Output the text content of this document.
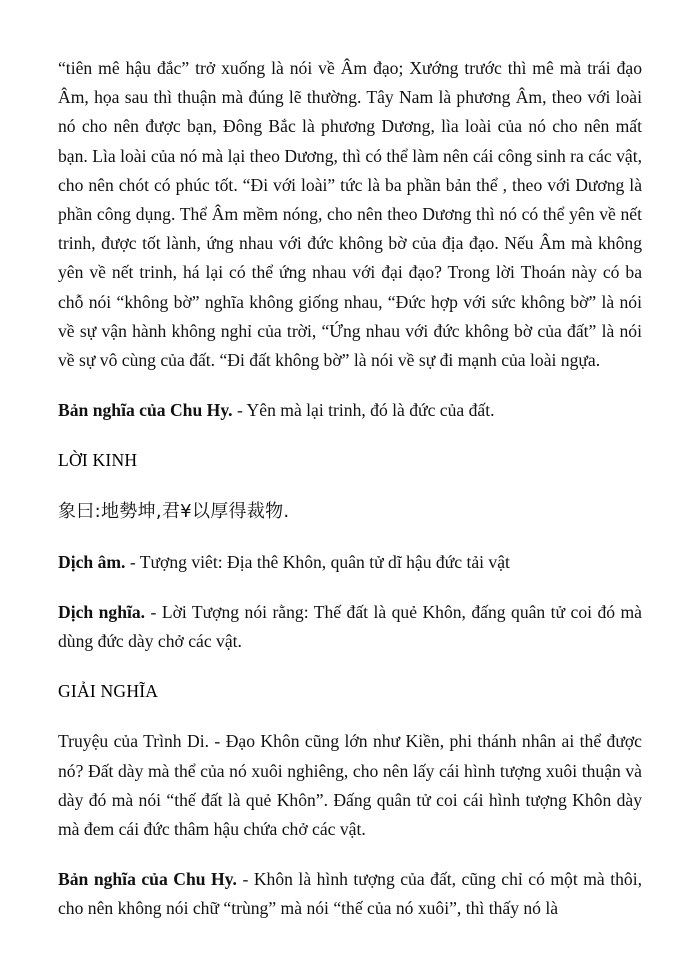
“tiên mê hậu đắc” trở xuống là nói về Âm đạo; Xướng trước thì mê mà trái đạo Âm, họa sau thì thuận mà đúng lẽ thường. Tây Nam là phương Âm, theo với loài nó cho nên được bạn, Đông Bắc là phương Dương, lìa loài của nó cho nên mất bạn. Lìa loài của nó mà lại theo Dương, thì có thể làm nên cái công sinh ra các vật, cho nên chót có phúc tốt. “Đi với loài” tức là ba phần bản thể , theo với Dương là phần công dụng. Thể Âm mềm nóng, cho nên theo Dương thì nó có thể yên về nết trinh, được tốt lành, ứng nhau với đức không bờ của địa đạo. Nếu Âm mà không yên về nết trinh, há lại có thể ứng nhau với đại đạo? Trong lời Thoán này có ba chỗ nói “không bờ” nghĩa không giống nhau, “Đức hợp với sức không bờ” là nói về sự vận hành không nghỉ của trời, “Ứng nhau với đức không bờ của đất” là nói về sự vô cùng của đất. “Đi đất không bờ” là nói về sự đi mạnh của loài ngựa.

Bản nghĩa của Chu Hy. - Yên mà lại trinh, đó là đức của đất.

LỜI KINH

象曰:地勢坤,君¥以厚得裁物.

Dịch âm. - Tượng viêt: Địa thê Khôn, quân tử dĩ hậu đức tải vật

Dịch nghĩa. - Lời Tượng nói rằng: Thế đất là quẻ Khôn, đấng quân tử coi đó mà dùng đức dày chở các vật.

GIẢI NGHĨA

Truyệu của Trình Di. - Đạo Khôn cũng lớn như Kiền, phi thánh nhân ai thể được nó? Đất dày mà thể của nó xuôi nghiêng, cho nên lấy cái hình tượng xuôi thuận và dày đó mà nói “thế đất là quẻ Khôn”. Đấng quân tử coi cái hình tượng Khôn dày mà đem cái đức thâm hậu chứa chở các vật.

Bản nghĩa của Chu Hy. - Khôn là hình tượng của đất, cũng chỉ có một mà thôi, cho nên không nói chữ “trùng” mà nói “thế của nó xuôi”, thì thấy nó là
